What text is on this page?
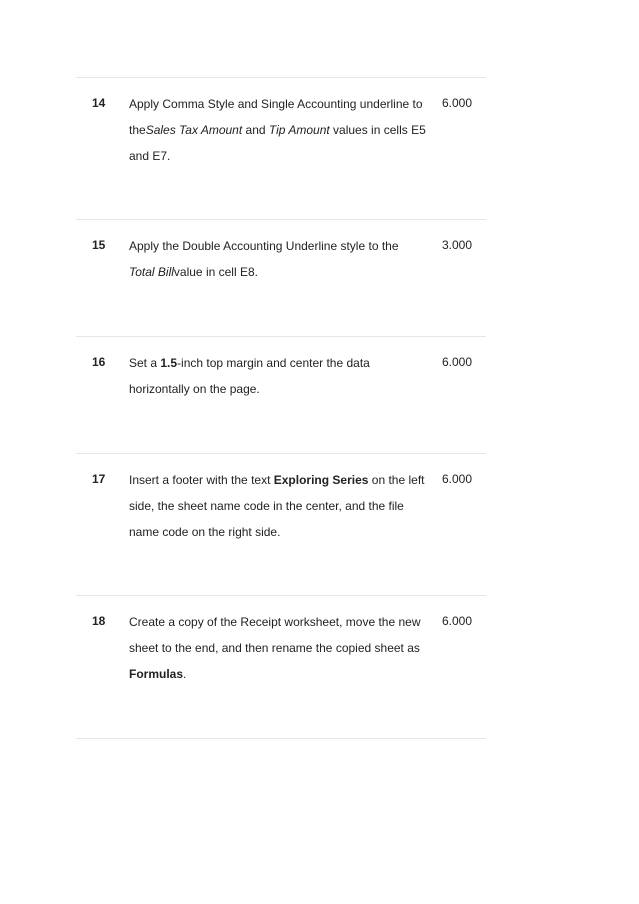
14 Apply Comma Style and Single Accounting underline to
theSales Tax Amount and Tip Amount values in cells E5
and E7.
6.000
15 Apply the Double Accounting Underline style to the
Total Billvalue in cell E8.
3.000
16 Set a 1.5-inch top margin and center the data
horizontally on the page.
6.000
17 Insert a footer with the text Exploring Series on the left
side, the sheet name code in the center, and the file
name code on the right side.
6.000
18 Create a copy of the Receipt worksheet, move the new
sheet to the end, and then rename the copied sheet as
Formulas.
6.000
